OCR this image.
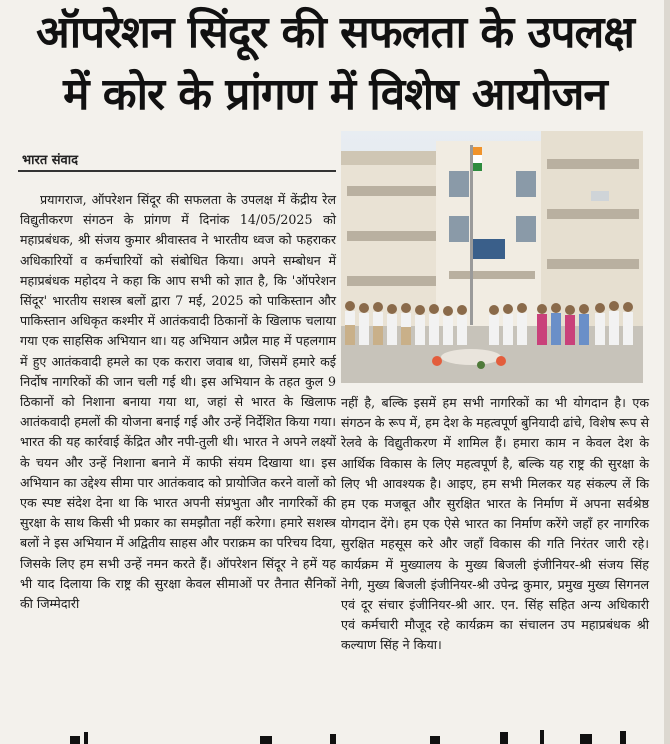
ऑपरेशन सिंदूर की सफलता के उपलक्ष
में कोर के प्रांगण में विशेष आयोजन
भारत संवाद
प्रयागराज, ऑपरेशन सिंदूर की सफलता के उपलक्ष में केंद्रीय रेल विद्युतीकरण संगठन के प्रांगण में दिनांक 14/05/2025 को महाप्रबंधक, श्री संजय कुमार श्रीवास्तव ने भारतीय ध्वज को फहराकर अधिकारियों व कर्मचारियों को संबोधित किया। अपने सम्बोधन में महाप्रबंधक महोदय ने कहा कि आप सभी को ज्ञात है, कि 'ऑपरेशन सिंदूर' भारतीय सशस्त्र बलों द्वारा 7 मई, 2025 को पाकिस्तान और पाकिस्तान अधिकृत कश्मीर में आतंकवादी ठिकानों के खिलाफ चलाया गया एक साहसिक अभियान था। यह अभियान अप्रैल माह में पहलगाम में हुए आतंकवादी हमले का एक करारा जवाब था, जिसमें हमारे कई निर्दोष नागरिकों की जान चली गई थी। इस अभियान के तहत कुल 9 ठिकानों को निशाना बनाया गया था, जहां से भारत के खिलाफ आतंकवादी हमलों की योजना बनाई गई और उन्हें निर्देशित किया गया। भारत की यह कार्रवाई केंद्रित और नपी-तुली थी। भारत ने अपने लक्ष्यों के चयन और उन्हें निशाना बनाने में काफी संयम दिखाया था। इस अभियान का उद्देश्य सीमा पार आतंकवाद को प्रायोजित करने वालों को एक स्पष्ट संदेश देना था कि भारत अपनी संप्रभुता और नागरिकों की सुरक्षा के साथ किसी भी प्रकार का समझौता नहीं करेगा। हमारे सशस्त्र बलों ने इस अभियान में अद्वितीय साहस और पराक्रम का परिचय दिया, जिसके लिए हम सभी उन्हें नमन करते हैं। ऑपरेशन सिंदूर ने हमें यह भी याद दिलाया कि राष्ट्र की सुरक्षा केवल सीमाओं पर तैनात सैनिकों की जिम्मेदारी
नहीं है, बल्कि इसमें हम सभी नागरिकों का भी योगदान है। एक संगठन के रूप में, हम देश के महत्वपूर्ण बुनियादी ढांचे, विशेष रूप से रेलवे के विद्युतीकरण में शामिल हैं। हमारा काम न केवल देश के आर्थिक विकास के लिए महत्वपूर्ण है, बल्कि यह राष्ट्र की सुरक्षा के लिए भी आवश्यक है। आइए, हम सभी मिलकर यह संकल्प लें कि हम एक मजबूत और सुरक्षित भारत के निर्माण में अपना सर्वश्रेष्ठ योगदान देंगे। हम एक ऐसे भारत का निर्माण करेंगे जहाँ हर नागरिक सुरक्षित महसूस करे और जहाँ विकास की गति निरंतर जारी रहे। कार्यक्रम में मुख्यालय के मुख्य बिजली इंजीनियर-श्री संजय सिंह नेगी, मुख्य बिजली इंजीनियर-श्री उपेन्द्र कुमार, प्रमुख मुख्य सिगनल एवं दूर संचार इंजीनियर-श्री आर. एन. सिंह सहित अन्य अधिकारी एवं कर्मचारी मौजूद रहे कार्यक्रम का संचालन उप महाप्रबंधक श्री कल्याण सिंह ने किया।
